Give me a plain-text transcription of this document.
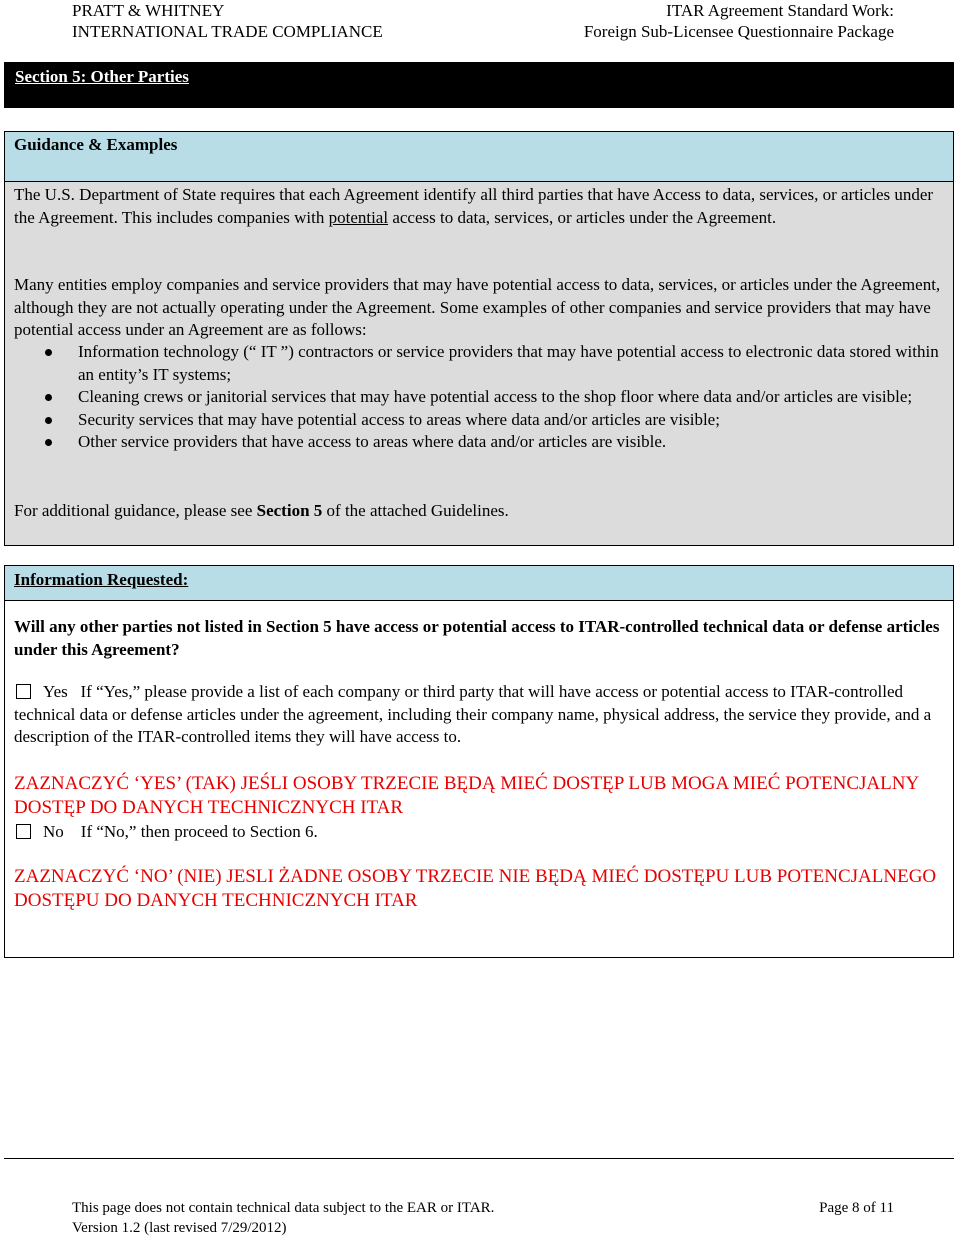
PRATT & WHITNEY
INTERNATIONAL TRADE COMPLIANCE
ITAR Agreement Standard Work:
Foreign Sub-Licensee Questionnaire Package
Section 5: Other Parties
Guidance & Examples
The U.S. Department of State requires that each Agreement identify all third parties that have Access to data, services, or articles under the Agreement. This includes companies with potential access to data, services, or articles under the Agreement.
Many entities employ companies and service providers that may have potential access to data, services, or articles under the Agreement, although they are not actually operating under the Agreement. Some examples of other companies and service providers that may have potential access under an Agreement are as follows:
Information technology (“ IT ”) contractors or service providers that may have potential access to electronic data stored within an entity’s IT systems;
Cleaning crews or janitorial services that may have potential access to the shop floor where data and/or articles are visible;
Security services that may have potential access to areas where data and/or articles are visible;
Other service providers that have access to areas where data and/or articles are visible.
For additional guidance, please see Section 5 of the attached Guidelines.
Information Requested:
Will any other parties not listed in Section 5 have access or potential access to ITAR-controlled technical data or defense articles under this Agreement?
Yes If “Yes,” please provide a list of each company or third party that will have access or potential access to ITAR-controlled technical data or defense articles under the agreement, including their company name, physical address, the service they provide, and a description of the ITAR-controlled items they will have access to.
ZAZNACZYĆ ‘YES’ (TAK) JEŚLI OSOBY TRZECIE BĘDĄ MIEĆ DOSTĘP LUB MOGA MIEĆ POTENCJALNY DOSTĘP DO DANYCH TECHNICZNYCH ITAR
No If “No,” then proceed to Section 6.
ZAZNACZYĆ ‘NO’ (NIE) JESLI ŻADNE OSOBY TRZECIE NIE BĘDĄ MIEĆ DOSTĘPU LUB POTENCJALNEGO DOSTĘPU DO DANYCH TECHNICZNYCH ITAR
This page does not contain technical data subject to the EAR or ITAR.
Version 1.2 (last revised 7/29/2012)
Page 8 of 11
